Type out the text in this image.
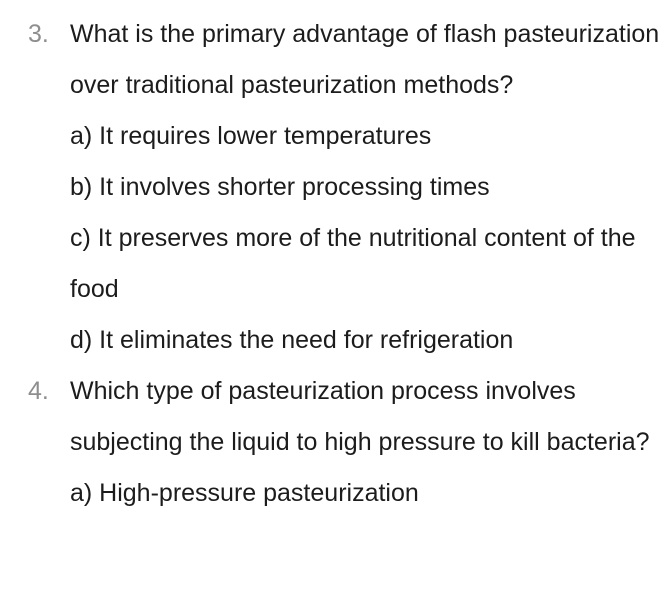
3. What is the primary advantage of flash pasteurization over traditional pasteurization methods?
a) It requires lower temperatures
b) It involves shorter processing times
c) It preserves more of the nutritional content of the food
d) It eliminates the need for refrigeration
4. Which type of pasteurization process involves subjecting the liquid to high pressure to kill bacteria?
a) High-pressure pasteurization
